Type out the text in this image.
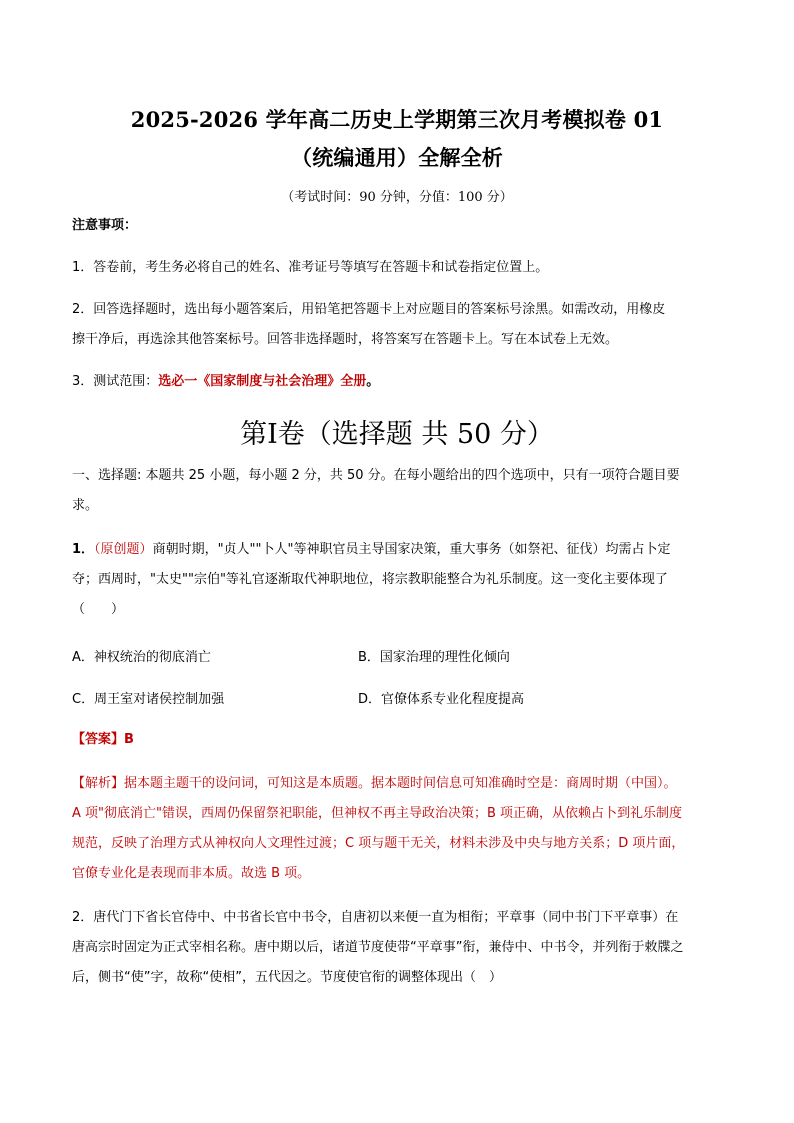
2025-2026 学年高二历史上学期第三次月考模拟卷 01
（统编通用）全解全析
（考试时间：90 分钟，分值：100 分）
注意事项：
1．答卷前，考生务必将自己的姓名、准考证号等填写在答题卡和试卷指定位置上。
2．回答选择题时，选出每小题答案后，用铅笔把答题卡上对应题目的答案标号涂黑。如需改动，用橡皮
擦干净后，再选涂其他答案标号。回答非选择题时，将答案写在答题卡上。写在本试卷上无效。
3．测试范围：选必一《国家制度与社会治理》全册。
第Ⅰ卷（选择题 共 50 分）
一、选择题: 本题共 25 小题，每小题 2 分，共 50 分。在每小题给出的四个选项中，只有一项符合题目要
求。
1．（原创题）商朝时期，"贞人""卜人"等神职官员主导国家决策，重大事务（如祭祀、征伐）均需占卜定
夺；西周时，"太史""宗伯"等礼官逐渐取代神职地位，将宗教职能整合为礼乐制度。这一变化主要体现了
（　　）
A．神权统治的彻底消亡	B．国家治理的理性化倾向
C．周王室对诸侯控制加强	D．官僚体系专业化程度提高
【答案】B
【解析】据本题主题干的设问词，可知这是本质题。据本题时间信息可知准确时空是：商周时期（中国）。
A 项"彻底消亡"错误，西周仍保留祭祀职能，但神权不再主导政治决策；B 项正确，从依赖占卜到礼乐制度
规范，反映了治理方式从神权向人文理性过渡；C 项与题干无关，材料未涉及中央与地方关系；D 项片面，
官僚专业化是表现而非本质。故选 B 项。
2．唐代门下省长官侍中、中书省长官中书令，自唐初以来便一直为相衔；平章事（同中书门下平章事）在
唐高宗时固定为正式宰相名称。唐中期以后，诸道节度使带“平章事”衔，兼侍中、中书令，并列衔于敕牒之
后，侧书“使”字，故称“使相”，五代因之。节度使官衔的调整体现出（　）
